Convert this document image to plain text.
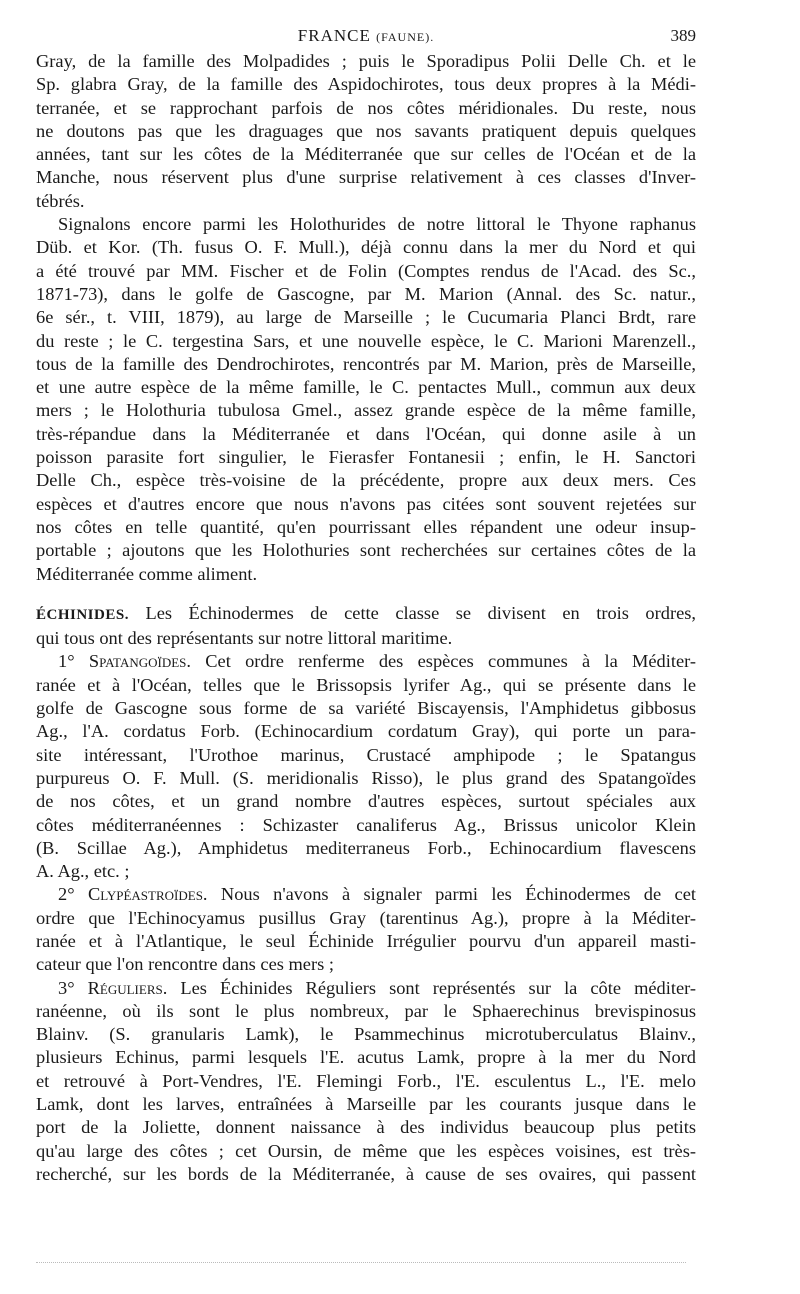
FRANCE (FAUNE).	389
Gray, de la famille des Molpadides ; puis le Sporadipus Polii Delle Ch. et le
Sp. glabra Gray, de la famille des Aspidochirotes, tous deux propres à la Médi-
terranée, et se rapprochant parfois de nos côtes méridionales. Du reste, nous
ne doutons pas que les draguages que nos savants pratiquent depuis quelques
années, tant sur les côtes de la Méditerranée que sur celles de l'Océan et de la
Manche, nous réservent plus d'une surprise relativement à ces classes d'Inver-
tébrés.
Signalons encore parmi les Holothurides de notre littoral le Thyone raphanus
Düb. et Kor. (Th. fusus O. F. Mull.), déjà connu dans la mer du Nord et qui
a été trouvé par MM. Fischer et de Folin (Comptes rendus de l'Acad. des Sc.,
1871-73), dans le golfe de Gascogne, par M. Marion (Annal. des Sc. natur.,
6e sér., t. VIII, 1879), au large de Marseille ; le Cucumaria Planci Brdt, rare
du reste ; le C. tergestina Sars, et une nouvelle espèce, le C. Marioni Marenzell.,
tous de la famille des Dendrochirotes, rencontrés par M. Marion, près de Marseille,
et une autre espèce de la même famille, le C. pentactes Mull., commun aux deux
mers ; le Holothuria tubulosa Gmel., assez grande espèce de la même famille,
très-répandue dans la Méditerranée et dans l'Océan, qui donne asile à un
poisson parasite fort singulier, le Fierasfer Fontanesii ; enfin, le H. Sanctori
Delle Ch., espèce très-voisine de la précédente, propre aux deux mers. Ces
espèces et d'autres encore que nous n'avons pas citées sont souvent rejetées sur
nos côtes en telle quantité, qu'en pourrissant elles répandent une odeur insup-
portable ; ajoutons que les Holothuries sont recherchées sur certaines côtes de la
Méditerranée comme aliment.
ÉCHINIDES. Les Échinodermes de cette classe se divisent en trois ordres,
qui tous ont des représentants sur notre littoral maritime.
1° Spatangoïdes. Cet ordre renferme des espèces communes à la Méditer-
ranée et à l'Océan, telles que le Brissopsis lyrifer Ag., qui se présente dans le
golfe de Gascogne sous forme de sa variété Biscayensis, l'Amphidetus gibbosus
Ag., l'A. cordatus Forb. (Echinocardium cordatum Gray), qui porte un para-
site intéressant, l'Urothoe marinus, Crustacé amphipode ; le Spatangus
purpureus O. F. Mull. (S. meridionalis Risso), le plus grand des Spatangoïdes
de nos côtes, et un grand nombre d'autres espèces, surtout spéciales aux
côtes méditerranéennes : Schizaster canaliferus Ag., Brissus unicolor Klein
(B. Scillae Ag.), Amphidetus mediterraneus Forb., Echinocardium flavescens
A. Ag., etc. ;
2° Clypéastroïdes. Nous n'avons à signaler parmi les Échinodermes de cet
ordre que l'Echinocyamus pusillus Gray (tarentinus Ag.), propre à la Méditer-
ranée et à l'Atlantique, le seul Échinide Irrégulier pourvu d'un appareil masti-
cateur que l'on rencontre dans ces mers ;
3° Réguliers. Les Échinides Réguliers sont représentés sur la côte méditer-
ranéenne, où ils sont le plus nombreux, par le Sphaerechinus brevispinosus
Blainv. (S. granularis Lamk), le Psammechinus microtuberculatus Blainv.,
plusieurs Echinus, parmi lesquels l'E. acutus Lamk, propre à la mer du Nord
et retrouvé à Port-Vendres, l'E. Flemingi Forb., l'E. esculentus L., l'E. melo
Lamk, dont les larves, entraînées à Marseille par les courants jusque dans le
port de la Joliette, donnent naissance à des individus beaucoup plus petits
qu'au large des côtes ; cet Oursin, de même que les espèces voisines, est très-
recherché, sur les bords de la Méditerranée, à cause de ses ovaires, qui passent
